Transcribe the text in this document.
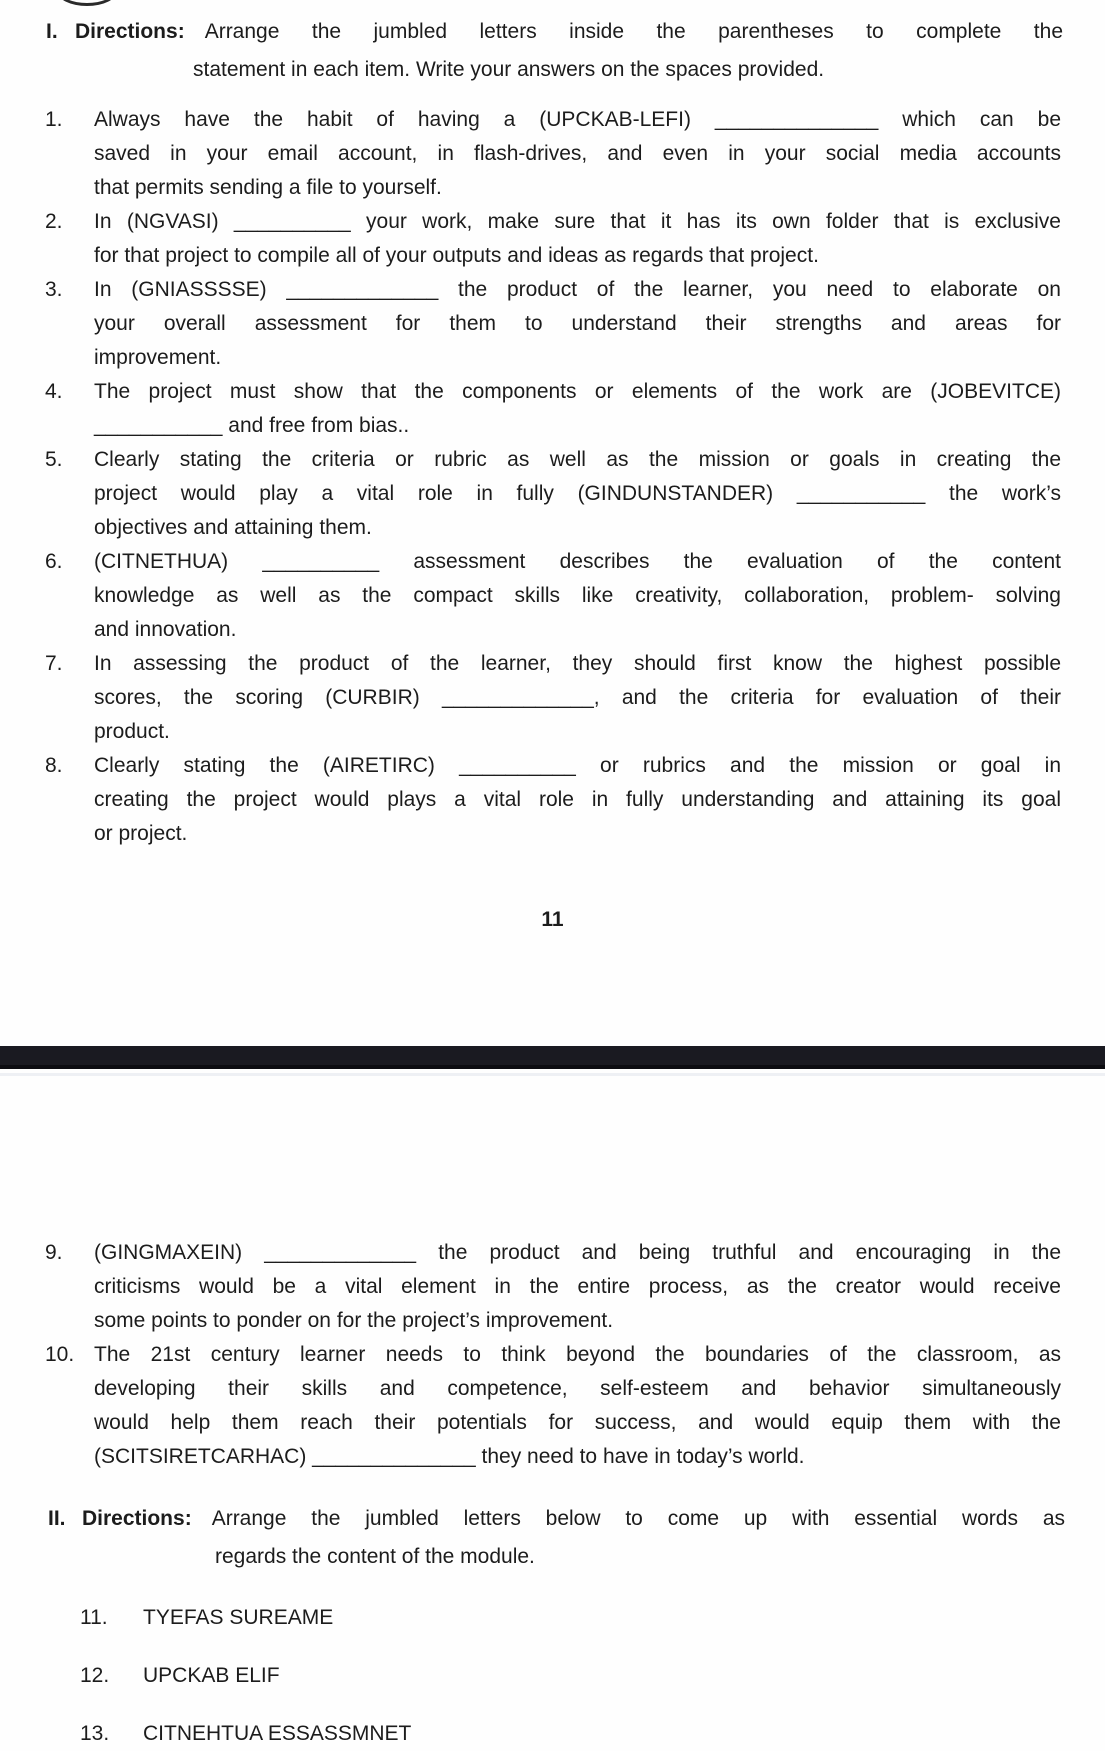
I. Directions: Arrange the jumbled letters inside the parentheses to complete the
statement in each item. Write your answers on the spaces provided.
1.	Always have the habit of having a (UPCKAB-LEFI) ______________ which can be
saved in your email account, in flash-drives, and even in your social media accounts
that permits sending a file to yourself.
2.	In (NGVASI) __________ your work, make sure that it has its own folder that is exclusive
for that project to compile all of your outputs and ideas as regards that project.
3.	In (GNIASSSSE) _____________ the product of the learner, you need to elaborate on
your overall assessment for them to understand their strengths and areas for
improvement.
4.	The project must show that the components or elements of the work are (JOBEVITCE)
___________ and free from bias..
5.	Clearly stating the criteria or rubric as well as the mission or goals in creating the
project would play a vital role in fully (GINDUNSTANDER) ___________ the work’s
objectives and attaining them.
6.	(CITNETHUA) __________ assessment describes the evaluation of the content
knowledge as well as the compact skills like creativity, collaboration, problem- solving
and innovation.
7.	In assessing the product of the learner, they should first know the highest possible
scores, the scoring (CURBIR) _____________, and the criteria for evaluation of their
product.
8.	Clearly stating the (AIRETIRC) __________ or rubrics and the mission or goal in
creating the project would plays a vital role in fully understanding and attaining its goal
or project.
11
9.	(GINGMAXEIN) _____________ the product and being truthful and encouraging in the
criticisms would be a vital element in the entire process, as the creator would receive
some points to ponder on for the project’s improvement.
10. The 21st century learner needs to think beyond the boundaries of the classroom, as
developing their skills and competence, self-esteem and behavior simultaneously
would help them reach their potentials for success, and would equip them with the
(SCITSIRETCARHAC) ______________ they need to have in today’s world.
II. Directions: Arrange the jumbled letters below to come up with essential words as
regards the content of the module.
11.	TYEFAS SUREAME
12.	UPCKAB ELIF
13.	CITNEHTUA ESSASSMNET
